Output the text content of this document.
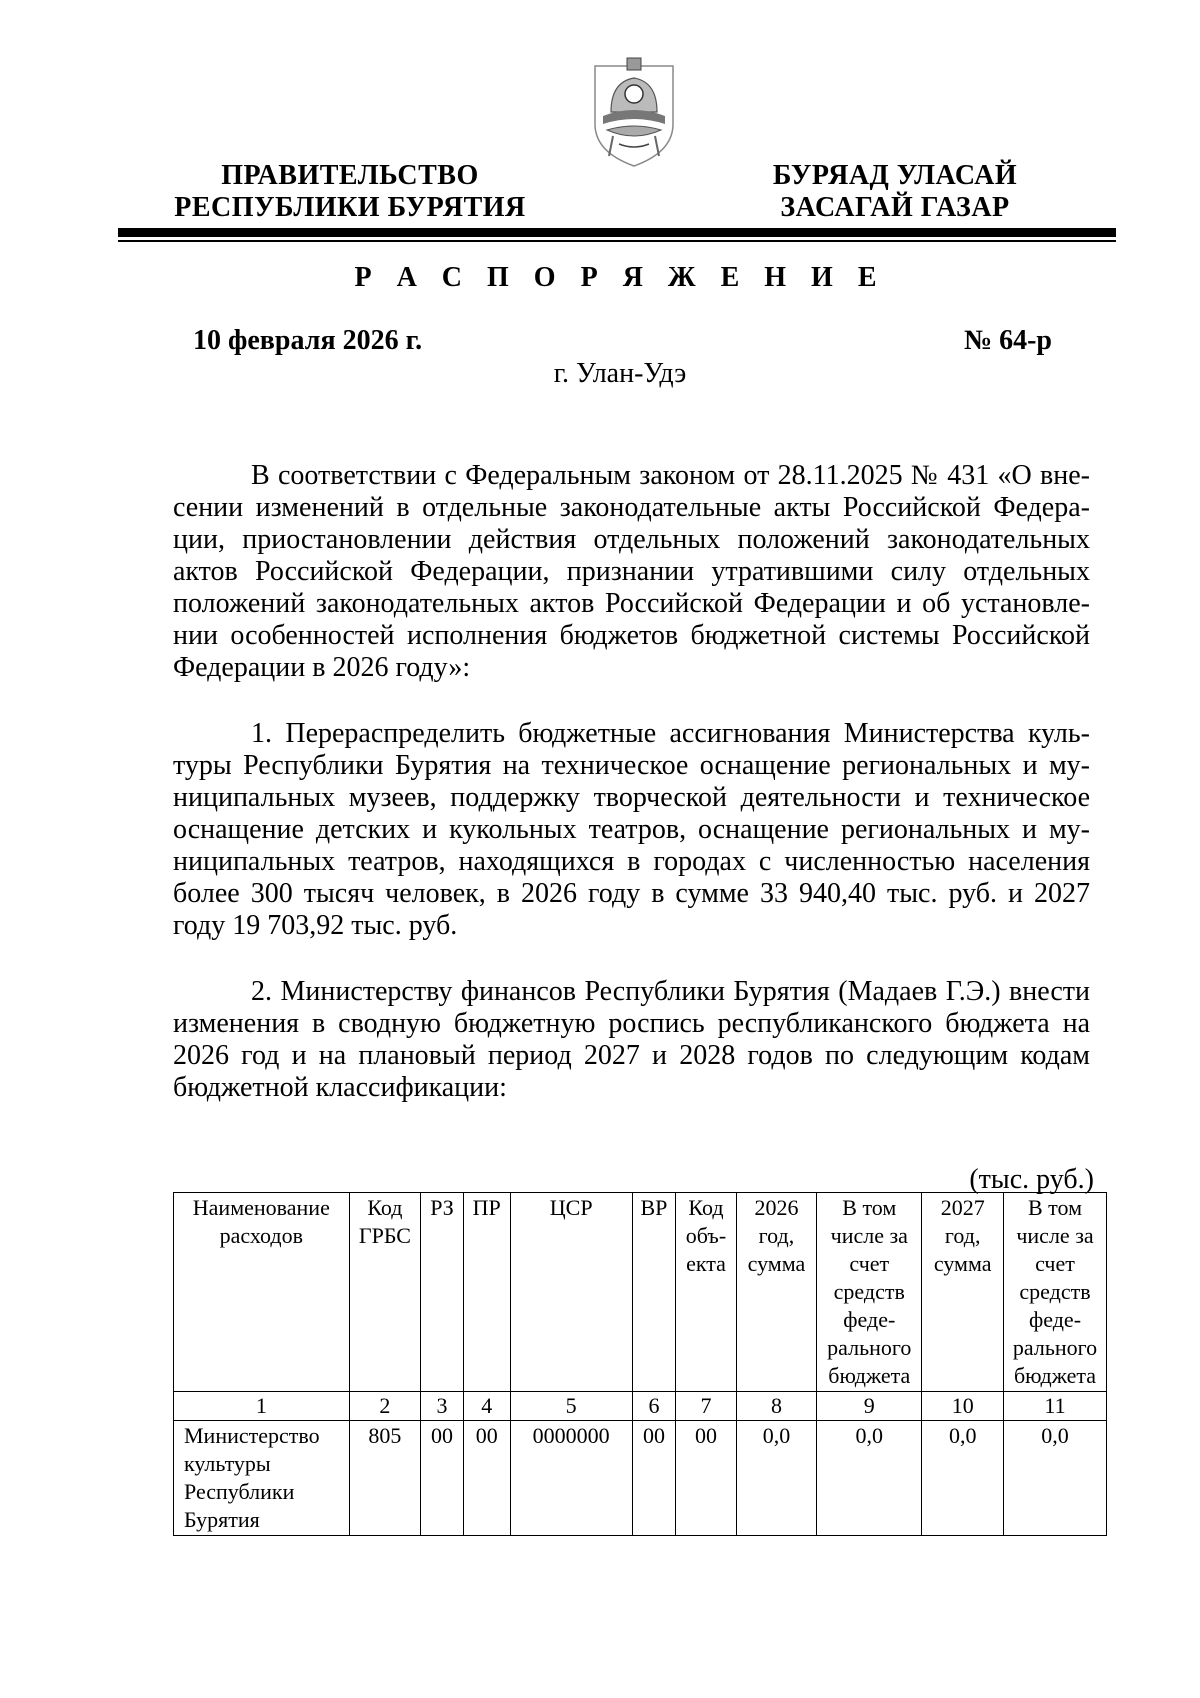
ПРАВИТЕЛЬСТВО
РЕСПУБЛИКИ БУРЯТИЯ
БУРЯАД УЛАСАЙ
ЗАСАГАЙ ГАЗАР
Р А С П О Р Я Ж Е Н И Е
10 февраля 2026 г.	№ 64-р
г. Улан-Удэ

В соответствии с Федеральным законом от 28.11.2025 № 431 «О внесении изменений в отдельные законодательные акты Российской Федерации, приостановлении действия отдельных положений законодательных актов Российской Федерации, признании утратившими силу отдельных положений законодательных актов Российской Федерации и об установлении особенностей исполнения бюджетов бюджетной системы Российской Федерации в 2026 году»:

1. Перераспределить бюджетные ассигнования Министерства культуры Республики Бурятия на техническое оснащение региональных и муниципальных музеев, поддержку творческой деятельности и техническое оснащение детских и кукольных театров, оснащение региональных и муниципальных театров, находящихся в городах с численностью населения более 300 тысяч человек, в 2026 году в сумме 33 940,40 тыс. руб. и 2027 году 19 703,92 тыс. руб.

2. Министерству финансов Республики Бурятия (Мадаев Г.Э.) внести изменения в сводную бюджетную роспись республиканского бюджета на 2026 год и на плановый период 2027 и 2028 годов по следующим кодам бюджетной классификации:

(тыс. руб.)
Наименование расходов	Код ГРБС	РЗ	ПР	ЦСР	ВР	Код объекта	2026 год, сумма	В том числе за счет средств федерального бюджета	2027 год, сумма	В том числе за счет средств федерального бюджета
1	2	3	4	5	6	7	8	9	10	11
Министерство культуры Республики Бурятия	805	00	00	0000000	00	00	0,0	0,0	0,0	0,0
